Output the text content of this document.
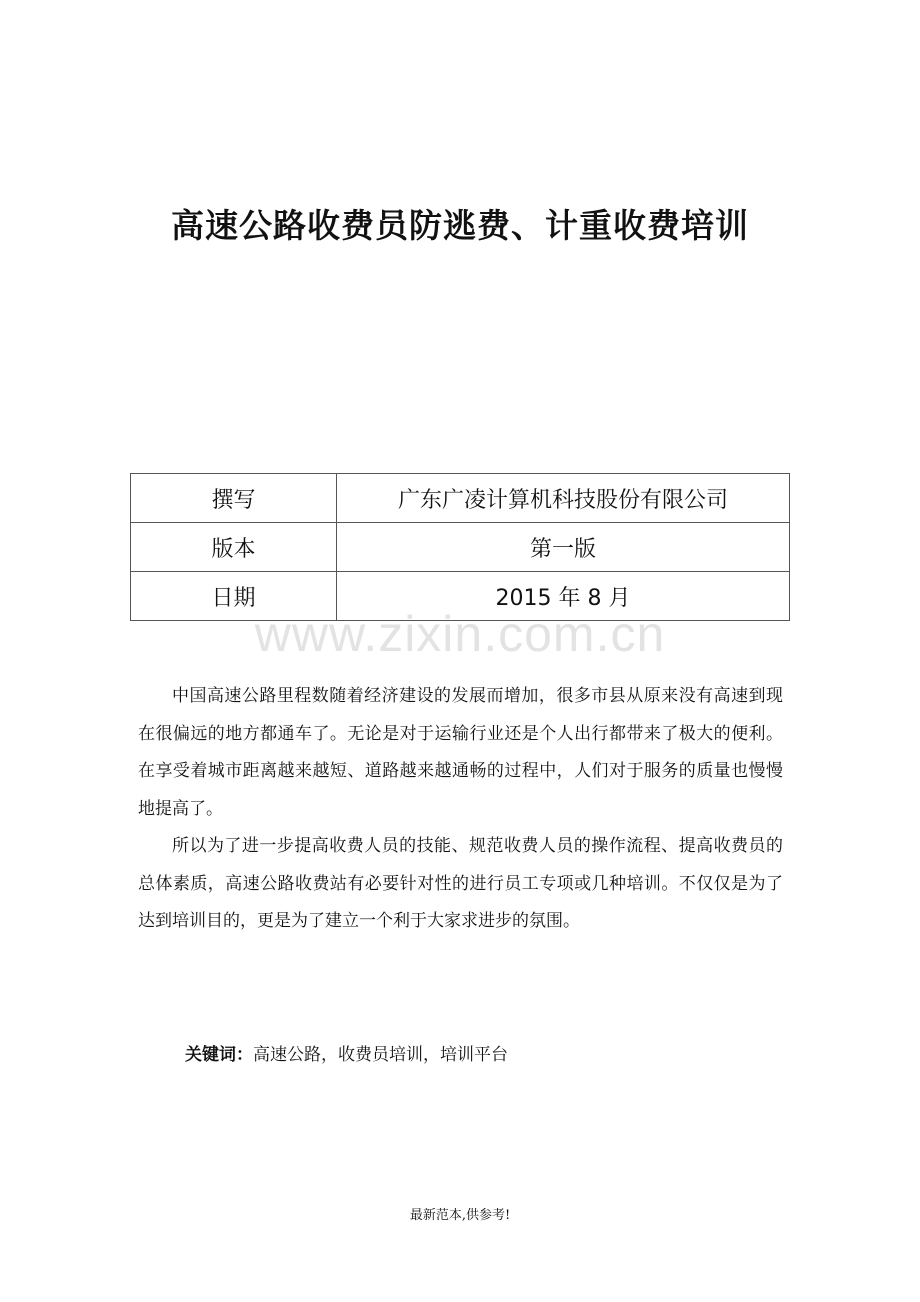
高速公路收费员防逃费、计重收费培训
撰写	广东广凌计算机科技股份有限公司
版本	第一版
日期	2015 年 8 月
www.zixin.com.cn

中国高速公路里程数随着经济建设的发展而增加，很多市县从原来没有高速到现在很偏远的地方都通车了。无论是对于运输行业还是个人出行都带来了极大的便利。在享受着城市距离越来越短、道路越来越通畅的过程中，人们对于服务的质量也慢慢地提高了。

所以为了进一步提高收费人员的技能、规范收费人员的操作流程、提高收费员的总体素质，高速公路收费站有必要针对性的进行员工专项或几种培训。不仅仅是为了达到培训目的，更是为了建立一个利于大家求进步的氛围。

关键词：高速公路，收费员培训，培训平台
最新范本,供参考!
